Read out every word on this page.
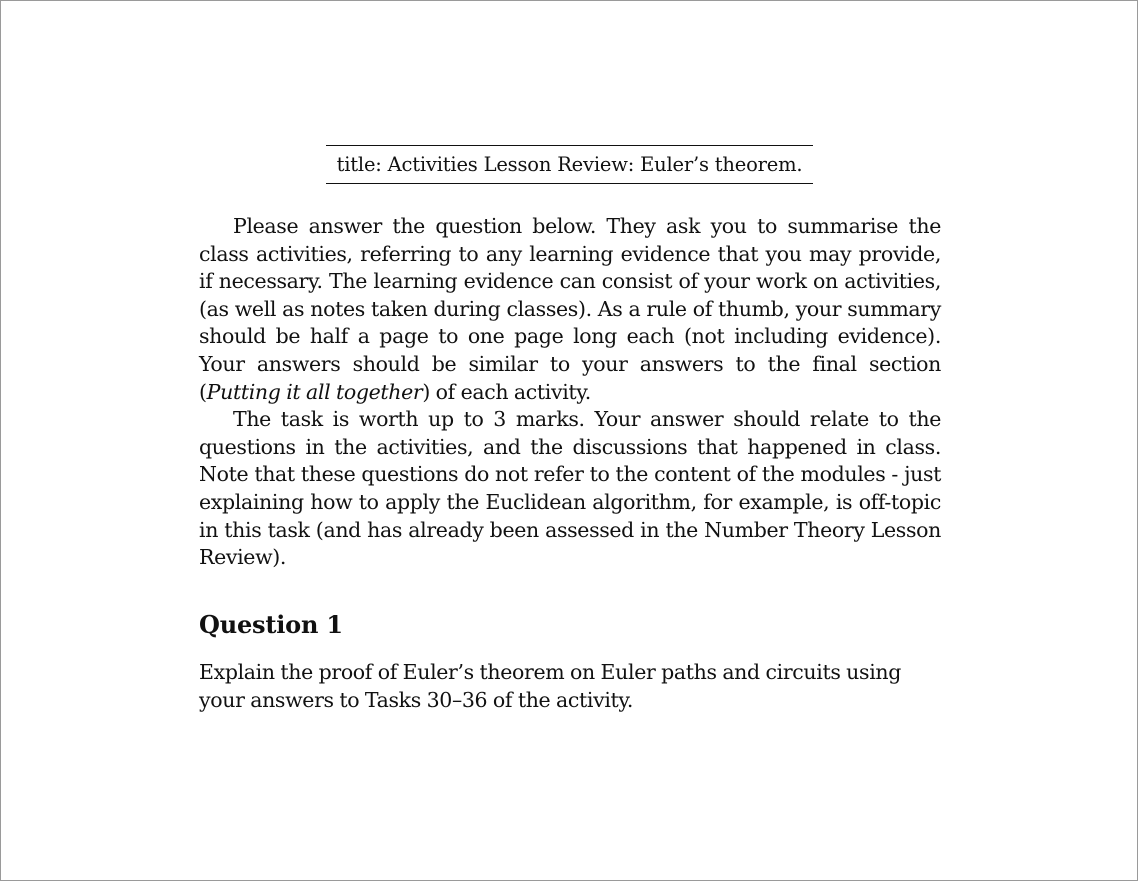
title: Activities Lesson Review: Euler’s theorem.

Please answer the question below. They ask you to summarise the class activities, referring to any learning evidence that you may provide, if necessary. The learning evidence can consist of your work on activities, (as well as notes taken during classes). As a rule of thumb, your summary should be half a page to one page long each (not including evidence). Your answers should be similar to your answers to the final section (Putting it all together) of each activity.

The task is worth up to 3 marks. Your answer should relate to the questions in the activities, and the discussions that happened in class. Note that these questions do not refer to the content of the modules - just explaining how to apply the Euclidean algorithm, for example, is off-topic in this task (and has already been assessed in the Number Theory Lesson Review).

Question 1

Explain the proof of Euler’s theorem on Euler paths and circuits using your answers to Tasks 30–36 of the activity.
